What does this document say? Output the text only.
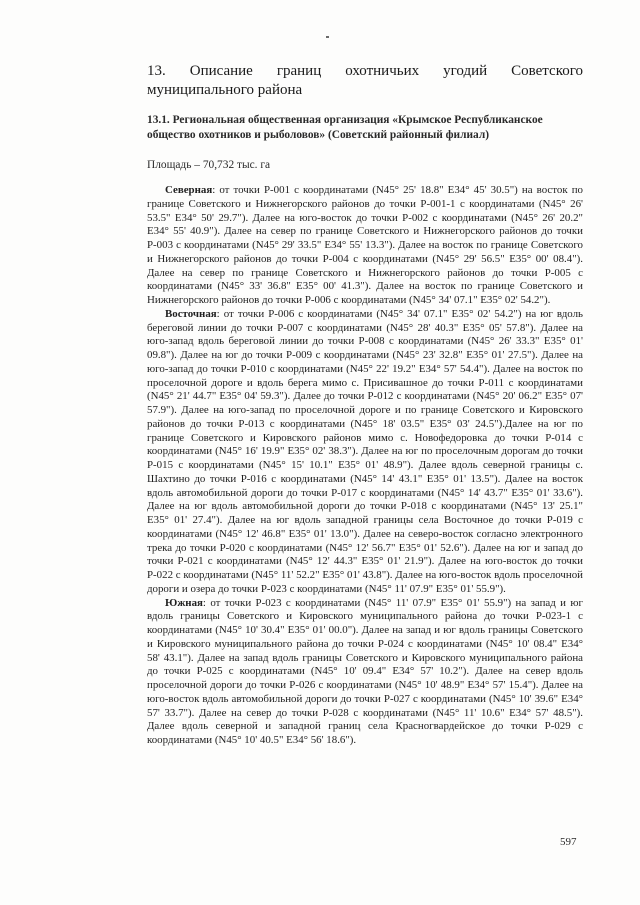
13. Описание границ охотничьих угодий Советского
муниципального района
13.1. Региональная общественная организация «Крымское Республиканское общество охотников и рыболовов» (Советский районный филиал)
Площадь – 70,732 тыс. га

Северная: от точки Р-001 с координатами (N45° 25' 18.8" E34° 45' 30.5") на восток по границе Советского и Нижнегорского районов до точки Р-001-1 с координатами (N45° 26' 53.5" E34° 50' 29.7"). Далее на юго-восток до точки Р-002 с координатами (N45° 26' 20.2" E34° 55' 40.9"). Далее на север по границе Советского и Нижнегорского районов до точки Р-003 с координатами (N45° 29' 33.5" E34° 55' 13.3"). Далее на восток по границе Советского и Нижнегорского районов до точки Р-004 с координатами (N45° 29' 56.5" E35° 00' 08.4"). Далее на север по границе Советского и Нижнегорского районов до точки Р-005 с координатами (N45° 33' 36.8" E35° 00' 41.3"). Далее на восток по границе Советского и Нижнегорского районов до точки Р-006 с координатами (N45° 34' 07.1" E35° 02' 54.2").

Восточная: от точки Р-006 с координатами (N45° 34' 07.1" E35° 02' 54.2") на юг вдоль береговой линии до точки Р-007 с координатами (N45° 28' 40.3" E35° 05' 57.8"). Далее на юго-запад вдоль береговой линии до точки Р-008 с координатами (N45° 26' 33.3" E35° 01' 09.8"). Далее на юг до точки Р-009 с координатами (N45° 23' 32.8" E35° 01' 27.5"). Далее на юго-запад до точки Р-010 с координатами (N45° 22' 19.2" E34° 57' 54.4"). Далее на восток по проселочной дороге и вдоль берега мимо с. Присивашное до точки Р-011 с координатами (N45° 21' 44.7" E35° 04' 59.3"). Далее до точки Р-012 с координатами (N45° 20' 06.2" E35° 07' 57.9"). Далее на юго-запад по проселочной дороге и по границе Советского и Кировского районов до точки Р-013 с координатами (N45° 18' 03.5" E35° 03' 24.5").Далее на юг по границе Советского и Кировского районов мимо с. Новофедоровка до точки Р-014 с координатами (N45° 16' 19.9" E35° 02' 38.3"). Далее на юг по проселочным дорогам до точки Р-015 с координатами (N45° 15' 10.1" E35° 01' 48.9"). Далее вдоль северной границы с. Шахтино до точки Р-016 с координатами (N45° 14' 43.1" E35° 01' 13.5"). Далее на восток вдоль автомобильной дороги до точки Р-017 с координатами (N45° 14' 43.7" E35° 01' 33.6"). Далее на юг вдоль автомобильной дороги до точки Р-018 с координатами (N45° 13' 25.1" E35° 01' 27.4"). Далее на юг вдоль западной границы села Восточное до точки Р-019 с координатами (N45° 12' 46.8" E35° 01' 13.0"). Далее на северо-восток согласно электронного трека до точки Р-020 с координатами (N45° 12' 56.7" E35° 01' 52.6"). Далее на юг и запад до точки Р-021 с координатами (N45° 12' 44.3" E35° 01' 21.9"). Далее на юго-восток до точки Р-022 с координатами (N45° 11' 52.2" E35° 01' 43.8"). Далее на юго-восток вдоль проселочной дороги и озера до точки Р-023 с координатами (N45° 11' 07.9" E35° 01' 55.9").

Южная: от точки Р-023 с координатами (N45° 11' 07.9" E35° 01' 55.9") на запад и юг вдоль границы Советского и Кировского муниципального района до точки Р-023-1 с координатами (N45° 10' 30.4" E35° 01' 00.0"). Далее на запад и юг вдоль границы Советского и Кировского муниципального района до точки Р-024 с координатами (N45° 10' 08.4" E34° 58' 43.1"). Далее на запад вдоль границы Советского и Кировского муниципального района до точки Р-025 с координатами (N45° 10' 09.4" E34° 57' 10.2"). Далее на север вдоль проселочной дороги до точки Р-026 с координатами (N45° 10' 48.9" E34° 57' 15.4"). Далее на юго-восток вдоль автомобильной дороги до точки Р-027 с координатами (N45° 10' 39.6" E34° 57' 33.7"). Далее на север до точки Р-028 с координатами (N45° 11' 10.6" E34° 57' 48.5"). Далее вдоль северной и западной границ села Красногвардейское до точки Р-029 с координатами (N45° 10' 40.5" E34° 56' 18.6").

597
